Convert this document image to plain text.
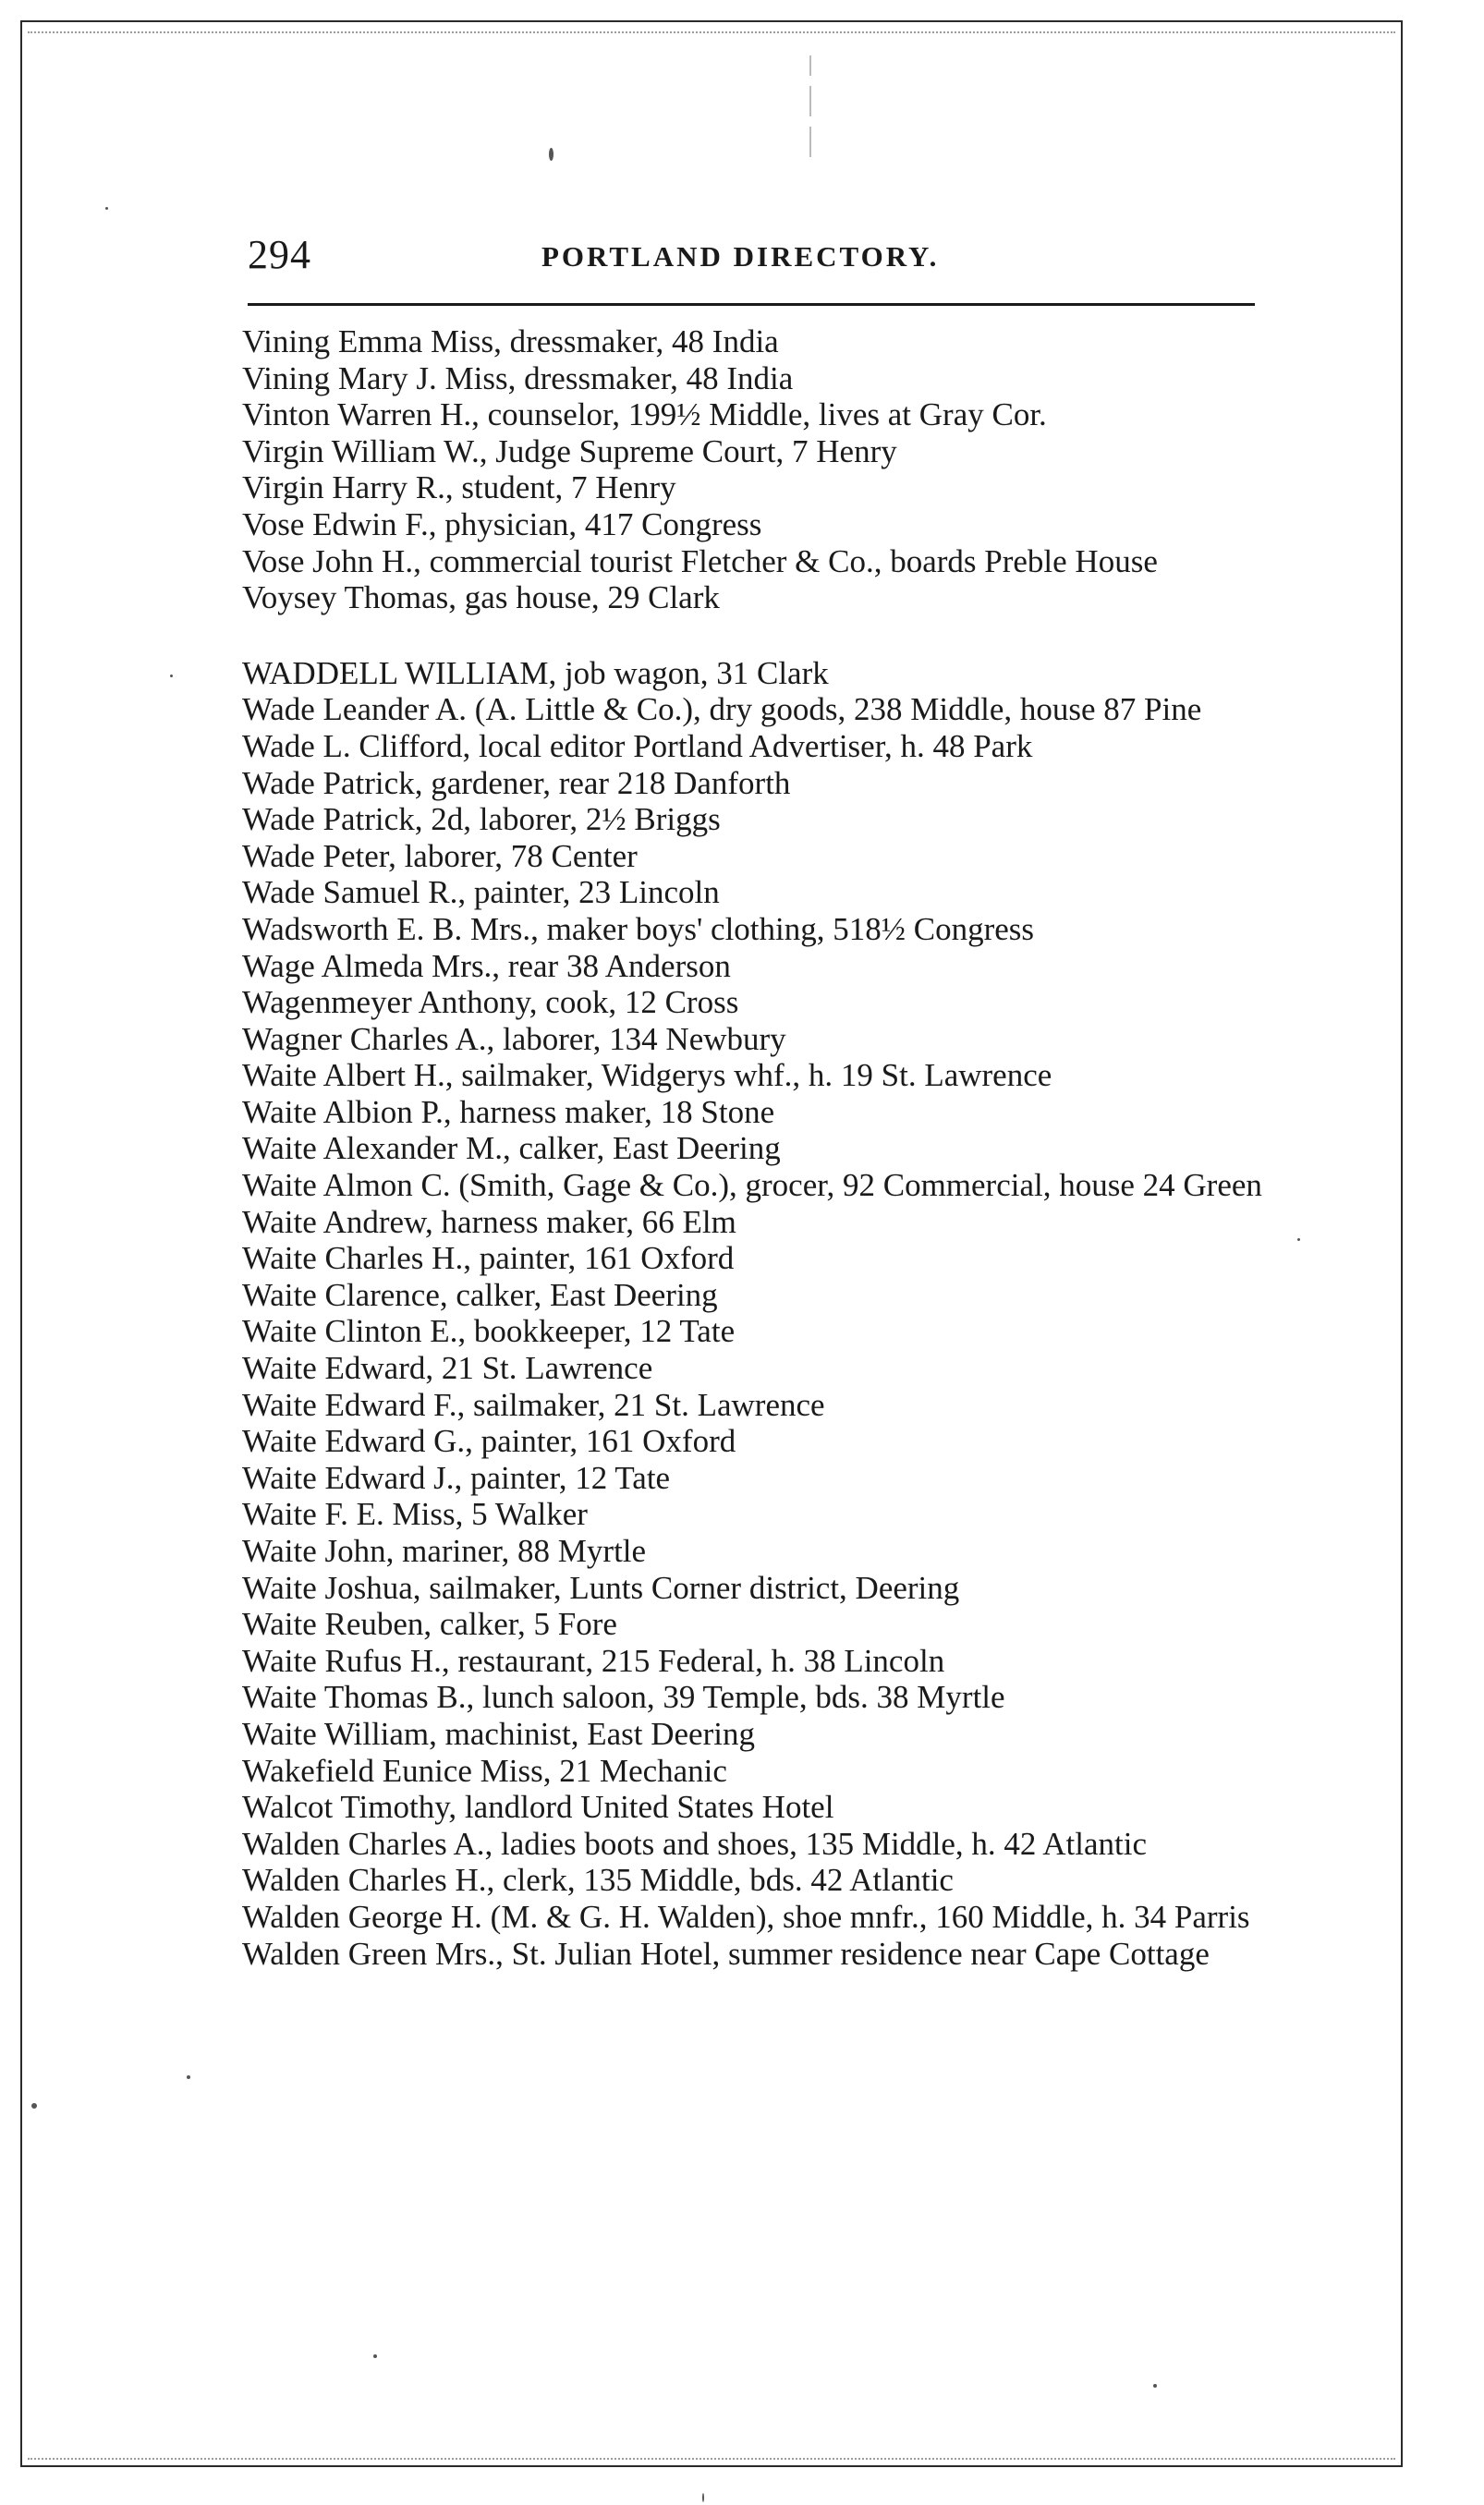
294	PORTLAND DIRECTORY.
Vining Emma Miss, dressmaker, 48 India
Vining Mary J. Miss, dressmaker, 48 India
Vinton Warren H., counselor, 199½ Middle, lives at Gray Cor.
Virgin William W., Judge Supreme Court, 7 Henry
Virgin Harry R., student, 7 Henry
Vose Edwin F., physician, 417 Congress
Vose John H., commercial tourist Fletcher & Co., boards Preble House
Voysey Thomas, gas house, 29 Clark
WADDELL WILLIAM, job wagon, 31 Clark
Wade Leander A. (A. Little & Co.), dry goods, 238 Middle, house 87 Pine
Wade L. Clifford, local editor Portland Advertiser, h. 48 Park
Wade Patrick, gardener, rear 218 Danforth
Wade Patrick, 2d, laborer, 2½ Briggs
Wade Peter, laborer, 78 Center
Wade Samuel R., painter, 23 Lincoln
Wadsworth E. B. Mrs., maker boys' clothing, 518½ Congress
Wage Almeda Mrs., rear 38 Anderson
Wagenmeyer Anthony, cook, 12 Cross
Wagner Charles A., laborer, 134 Newbury
Waite Albert H., sailmaker, Widgerys whf., h. 19 St. Lawrence
Waite Albion P., harness maker, 18 Stone
Waite Alexander M., calker, East Deering
Waite Almon C. (Smith, Gage & Co.), grocer, 92 Commercial, house 24 Green
Waite Andrew, harness maker, 66 Elm
Waite Charles H., painter, 161 Oxford
Waite Clarence, calker, East Deering
Waite Clinton E., bookkeeper, 12 Tate
Waite Edward, 21 St. Lawrence
Waite Edward F., sailmaker, 21 St. Lawrence
Waite Edward G., painter, 161 Oxford
Waite Edward J., painter, 12 Tate
Waite F. E. Miss, 5 Walker
Waite John, mariner, 88 Myrtle
Waite Joshua, sailmaker, Lunts Corner district, Deering
Waite Reuben, calker, 5 Fore
Waite Rufus H., restaurant, 215 Federal, h. 38 Lincoln
Waite Thomas B., lunch saloon, 39 Temple, bds. 38 Myrtle
Waite William, machinist, East Deering
Wakefield Eunice Miss, 21 Mechanic
Walcot Timothy, landlord United States Hotel
Walden Charles A., ladies boots and shoes, 135 Middle, h. 42 Atlantic
Walden Charles H., clerk, 135 Middle, bds. 42 Atlantic
Walden George H. (M. & G. H. Walden), shoe mnfr., 160 Middle, h. 34 Parris
Walden Green Mrs., St. Julian Hotel, summer residence near Cape Cottage
